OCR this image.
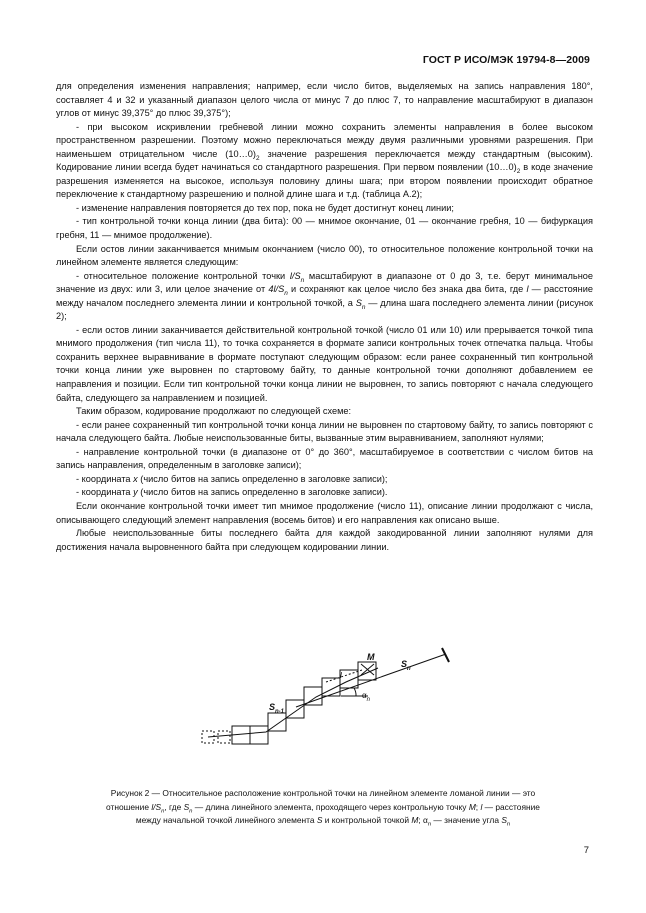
ГОСТ Р ИСО/МЭК 19794-8—2009

для определения изменения направления; например, если число битов, выделяемых на запись направления 180°, составляет 4 и 32 и указанный диапазон целого числа от минус 7 до плюс 7, то направление масштабируют в диапазон углов от минус 39,375° до плюс 39,375°);

- при высоком искривлении гребневой линии можно сохранить элементы направления в более высоком пространственном разрешении. Поэтому можно переключаться между двумя различными уровнями разрешения. При наименьшем отрицательном числе $(10\dots 0)_2$ значение разрешения переключается между стандартным (высоким). Кодирование линии всегда будет начинаться со стандартного разрешения. При первом появлении $(10\dots 0)_2$ в коде значение разрешения изменяется на высокое, используя половину длины шага; при втором появлении происходит обратное переключение к стандартному разрешению и полной длине шага и т.д. (таблица А.2);

- изменение направления повторяется до тех пор, пока не будет достигнут конец линии;

- тип контрольной точки конца линии (два бита): 00 — мнимое окончание, 01 — окончание гребня, 10 — бифуркация гребня, 11 — мнимое продолжение).

Если остов линии заканчивается мнимым окончанием (число 00), то относительное положение контрольной точки на линейном элементе является следующим:

- относительное положение контрольной точки $l/S_n$ масштабируют в диапазоне от 0 до 3, т.е. берут минимальное значение из двух: или 3, или целое значение от $4l/S_n$ и сохраняют как целое число без знака два бита, где l — расстояние между началом последнего элемента линии и контрольной точкой, а $S_n$ — длина шага последнего элемента линии (рисунок 2);

- если остов линии заканчивается действительной контрольной точкой (число 01 или 10) или прерывается точкой типа мнимого продолжения (тип числа 11), то точка сохраняется в формате записи контрольных точек отпечатка пальца. Чтобы сохранить верхнее выравнивание в формате поступают следующим образом: если ранее сохраненный тип контрольной точки конца линии уже выровнен по стартовому байту, то данные контрольной точки дополняют добавлением ее направления и позиции. Если тип контрольной точки конца линии не выровнен, то запись повторяют с начала следующего байта, следующего за направлением и позицией.

Таким образом, кодирование продолжают по следующей схеме:

- если ранее сохраненный тип контрольной точки конца линии не выровнен по стартовому байту, то запись повторяют с начала следующего байта. Любые неиспользованные биты, вызванные этим выравниванием, заполняют нулями;

- направление контрольной точки (в диапазоне от 0° до 360°, масштабируемое в соответствии с числом битов на запись направления, определенным в заголовке записи);

- координата x (число битов на запись определенно в заголовке записи);

- координата y (число битов на запись определенно в заголовке записи).

Если окончание контрольной точки имеет тип мнимое продолжение (число 11), описание линии продолжают с числа, описывающего следующий элемент направления (восемь битов) и его направления как описано выше.

Любые неиспользованные биты последнего байта для каждой закодированной линии заполняют нулями для достижения начала выровненного байта при следующем кодировании линии.

M
$S_n$
$S_{n-1}$
l
$\alpha_n$
Рисунок 2 — Относительное расположение контрольной точки на линейном элементе ломаной линии — это
отношение $l/S_n$, где $S_n$ — длина линейного элемента, проходящего через контрольную точку M; l — расстояние
между начальной точкой линейного элемента S и контрольной точкой M; $\alpha_n$ — значение угла $S_n$
7
